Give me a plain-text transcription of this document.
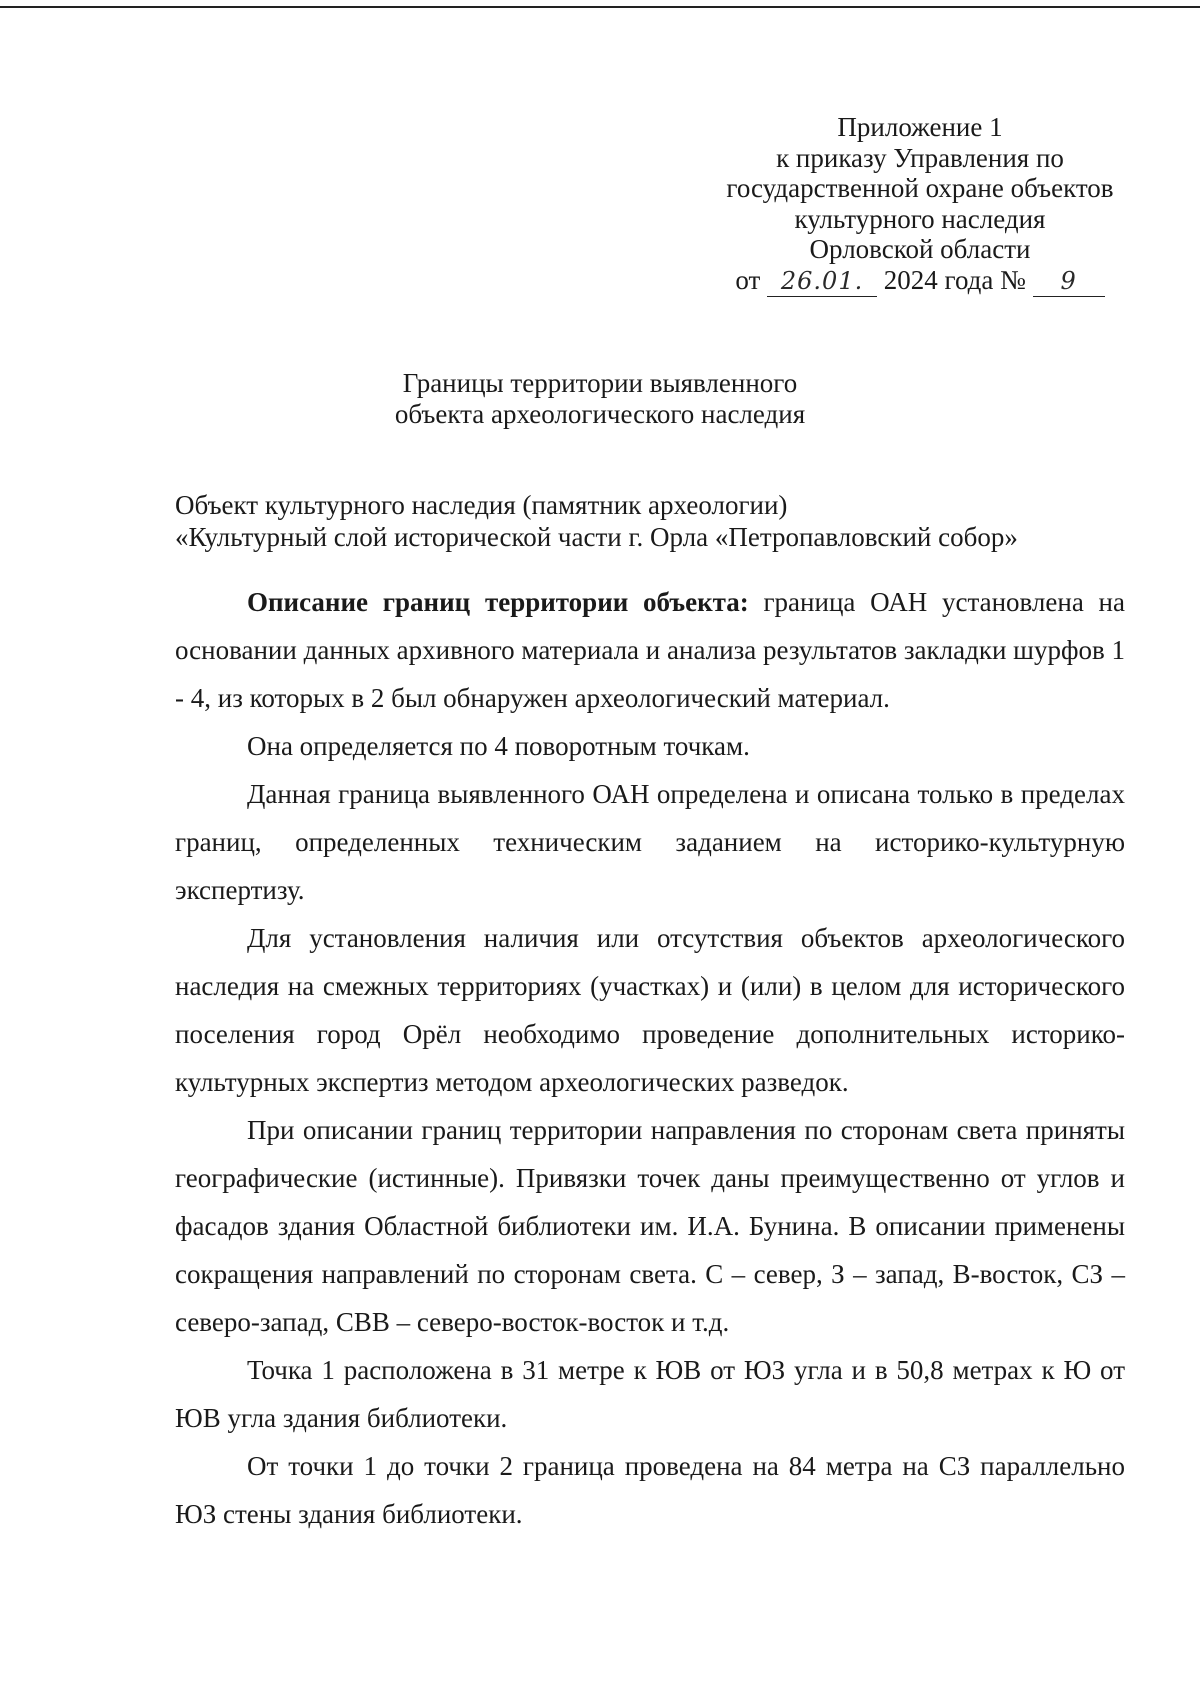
Приложение 1
к приказу Управления по
государственной охране объектов
культурного наследия
Орловской области
от 26.01. 2024 года № 9
Границы территории выявленного
объекта археологического наследия
Объект культурного наследия (памятник археологии)
«Культурный слой исторической части г. Орла «Петропавловский собор»

Описание границ территории объекта: граница ОАН установлена на основании данных архивного материала и анализа результатов закладки шурфов 1 - 4, из которых в 2 был обнаружен археологический материал.

Она определяется по 4 поворотным точкам.

Данная граница выявленного ОАН определена и описана только в пределах границ, определенных техническим заданием на историко-культурную экспертизу.

Для установления наличия или отсутствия объектов археологического наследия на смежных территориях (участках) и (или) в целом для исторического поселения город Орёл необходимо проведение дополнительных историко-культурных экспертиз методом археологических разведок.

При описании границ территории направления по сторонам света приняты географические (истинные). Привязки точек даны преимущественно от углов и фасадов здания Областной библиотеки им. И.А. Бунина. В описании применены сокращения направлений по сторонам света. С – север, З – запад, В-восток, СЗ – северо-запад, СВВ – северо-восток-восток и т.д.

Точка 1 расположена в 31 метре к ЮВ от ЮЗ угла и в 50,8 метрах к Ю от ЮВ угла здания библиотеки.

От точки 1 до точки 2 граница проведена на 84 метра на СЗ параллельно ЮЗ стены здания библиотеки.
